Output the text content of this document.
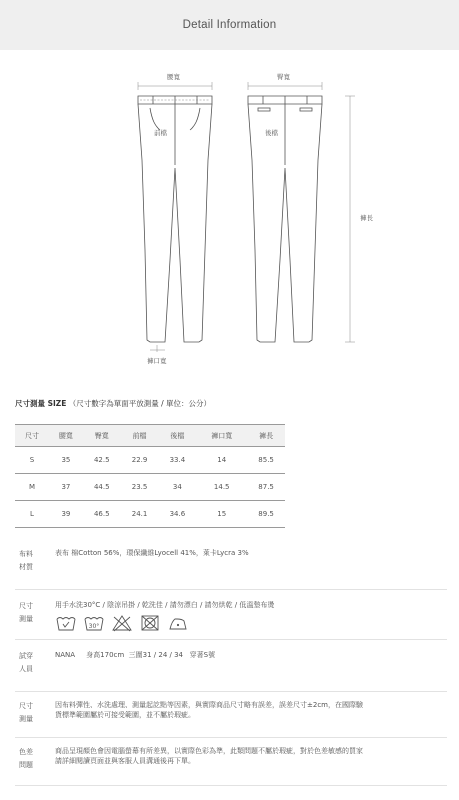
Detail Information
腰寬	臀寬
前檔	後檔
褲長
褲口寬
尺寸測量 SIZE （尺寸數字為單面平放測量 / 單位：公分）
尺寸	腰寬	臀寬	前檔	後檔	褲口寬	褲長
S	35	42.5	22.9	33.4	14	85.5
M	37	44.5	23.5	34	14.5	87.5
L	39	46.5	24.1	34.6	15	89.5
布料
材質
表布 棉Cotton 56%，環保纖維Lyocell 41%，萊卡Lycra 3%
尺寸
測量
用手水洗30°C / 陰涼吊掛 / 乾洗佳 / 請勿漂白 / 請勿烘乾 / 低溫墊布燙
30°
試穿
人員
NANA     身高170cm  三圍31 / 24 / 34   穿著S號
尺寸
測量
因布料彈性、水洗處理、測量起訖點等因素，與實際商品尺寸略有誤差，誤差尺寸±2cm，在國際驗
貨標準範圍屬於可接受範圍，並不屬於瑕疵。
色差
問題
商品呈現顏色會因電腦螢幕有所差異，以實際色彩為準，此類問題不屬於瑕疵，對於色差敏感的買家
請詳細閱讀頁面並與客服人員溝通後再下單。
